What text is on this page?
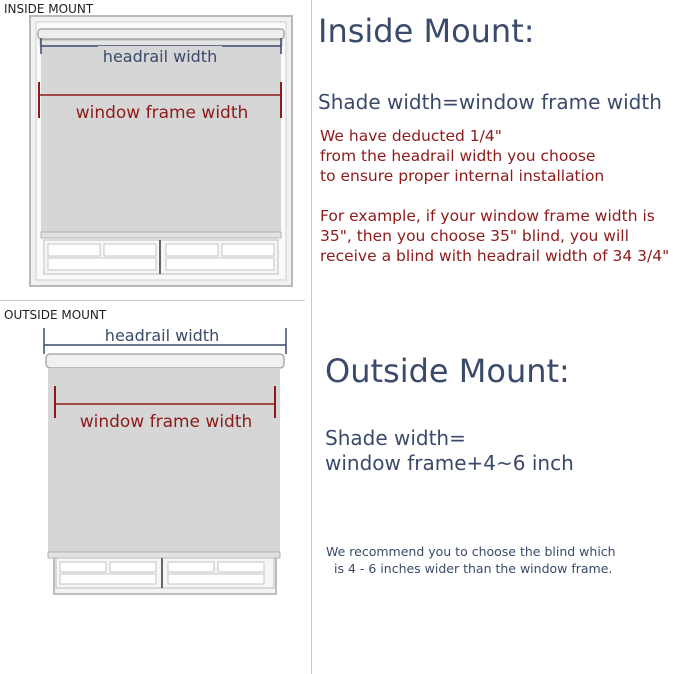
INSIDE MOUNT
OUTSIDE MOUNT
headrail width
window frame width
headrail width
window frame width
Inside Mount:
Shade width=window frame width
We have deducted 1/4"
from the headrail width you choose
to ensure proper internal installation
For example, if your window frame width is 35", then you choose 35" blind, you will receive a blind with headrail width of 34 3/4"
Outside Mount:
Shade width=
window frame+4~6 inch
We recommend you to choose the blind which
is 4 - 6 inches wider than the window frame.
